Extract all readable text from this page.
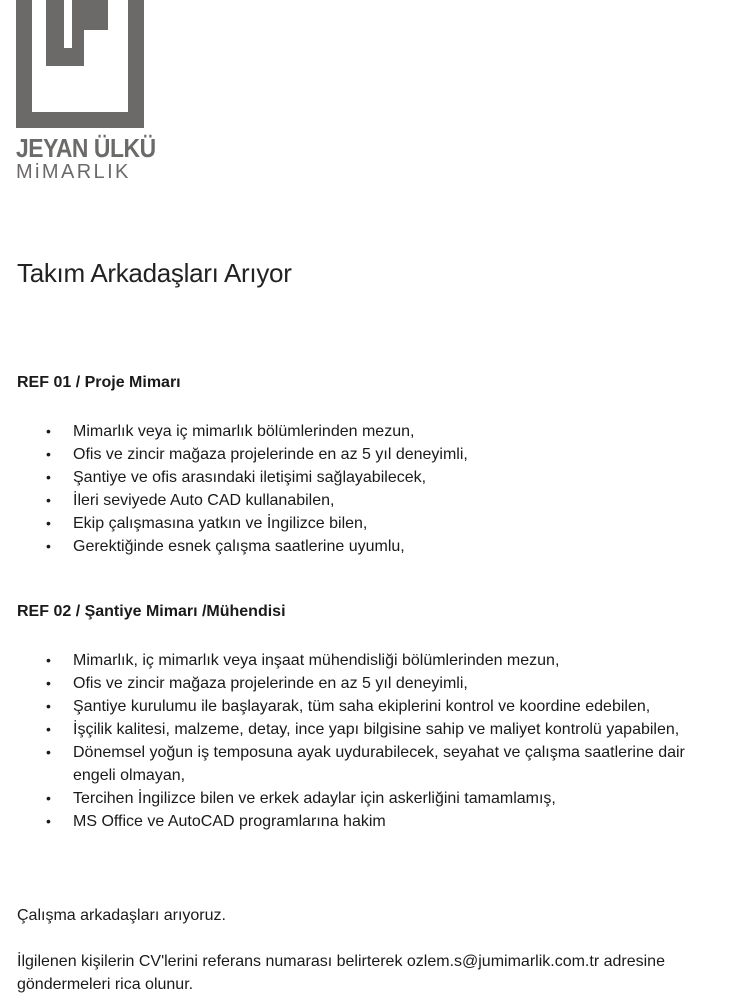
JEYAN ÜLKÜ
MiMARLIK
Takım Arkadaşları Arıyor
REF 01 / Proje Mimarı
• Mimarlık veya iç mimarlık bölümlerinden mezun,
• Ofis ve zincir mağaza projelerinde en az 5 yıl deneyimli,
• Şantiye ve ofis arasındaki iletişimi sağlayabilecek,
• İleri seviyede Auto CAD kullanabilen,
• Ekip çalışmasına yatkın ve İngilizce bilen,
• Gerektiğinde esnek çalışma saatlerine uyumlu,
REF 02 / Şantiye Mimarı /Mühendisi
• Mimarlık, iç mimarlık veya inşaat mühendisliği bölümlerinden mezun,
• Ofis ve zincir mağaza projelerinde en az 5 yıl deneyimli,
• Şantiye kurulumu ile başlayarak, tüm saha ekiplerini kontrol ve koordine edebilen,
• İşçilik kalitesi, malzeme, detay, ince yapı bilgisine sahip ve maliyet kontrolü yapabilen,
• Dönemsel yoğun iş temposuna ayak uydurabilecek, seyahat ve çalışma saatlerine dair engeli olmayan,
• Tercihen İngilizce bilen ve erkek adaylar için askerliğini tamamlamış,
• MS Office ve AutoCAD programlarına hakim

Çalışma arkadaşları arıyoruz.

İlgilenen kişilerin CV'lerini referans numarası belirterek ozlem.s@jumimarlik.com.tr adresine göndermeleri rica olunur.
